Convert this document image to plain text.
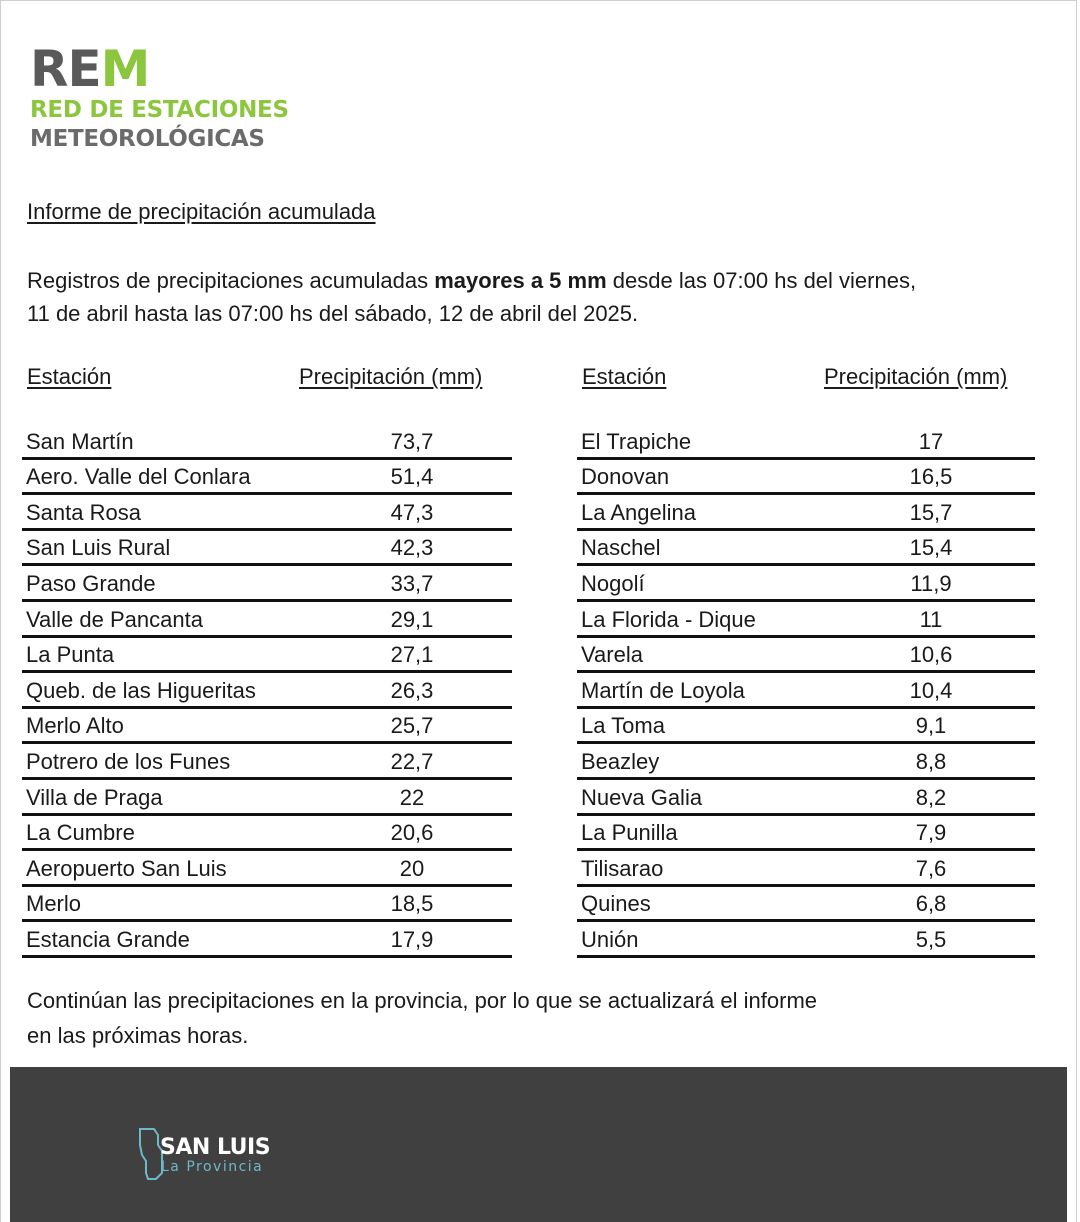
REM
RED DE ESTACIONES
METEOROLÓGICAS
Informe de precipitación acumulada
Registros de precipitaciones acumuladas mayores a 5 mm desde las 07:00 hs del viernes,
11 de abril hasta las 07:00 hs del sábado, 12 de abril del 2025.
Estación	Precipitación (mm)	Estación	Precipitación (mm)
San Martín	73,7
Aero. Valle del Conlara	51,4
Santa Rosa	47,3
San Luis Rural	42,3
Paso Grande	33,7
Valle de Pancanta	29,1
La Punta	27,1
Queb. de las Higueritas	26,3
Merlo Alto	25,7
Potrero de los Funes	22,7
Villa de Praga	22
La Cumbre	20,6
Aeropuerto San Luis	20
Merlo	18,5
Estancia Grande	17,9
El Trapiche	17
Donovan	16,5
La Angelina	15,7
Naschel	15,4
Nogolí	11,9
La Florida - Dique	11
Varela	10,6
Martín de Loyola	10,4
La Toma	9,1
Beazley	8,8
Nueva Galia	8,2
La Punilla	7,9
Tilisarao	7,6
Quines	6,8
Unión	5,5
Continúan las precipitaciones en la provincia, por lo que se actualizará el informe
en las próximas horas.
SAN LUIS
La Provincia
